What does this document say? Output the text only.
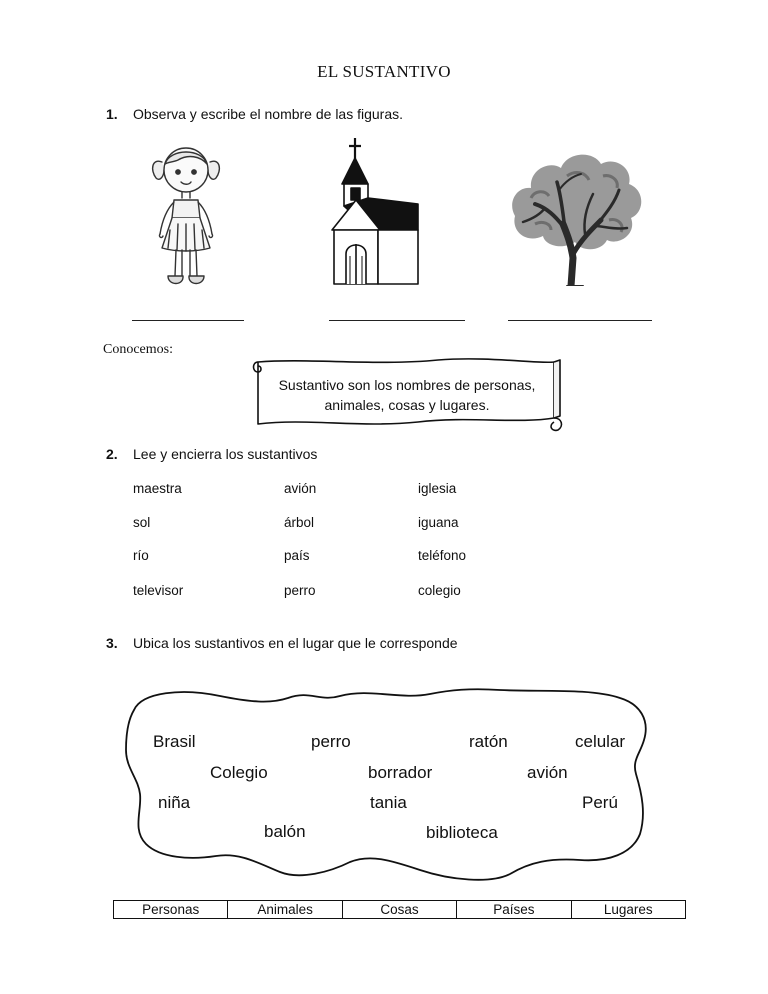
EL SUSTANTIVO
1. Observa y escribe el nombre de las figuras.
Conocemos:
Sustantivo son los nombres de personas,
animales, cosas y lugares.
2. Lee y encierra los sustantivos
maestra	avión	iglesia
sol	árbol	iguana
río	país	teléfono
televisor	perro	colegio
3. Ubica los sustantivos en el lugar que le corresponde
Brasil	perro	ratón	celular
Colegio	borrador	avión
niña	tania	Perú
balón	biblioteca
Personas	Animales	Cosas	Países	Lugares
